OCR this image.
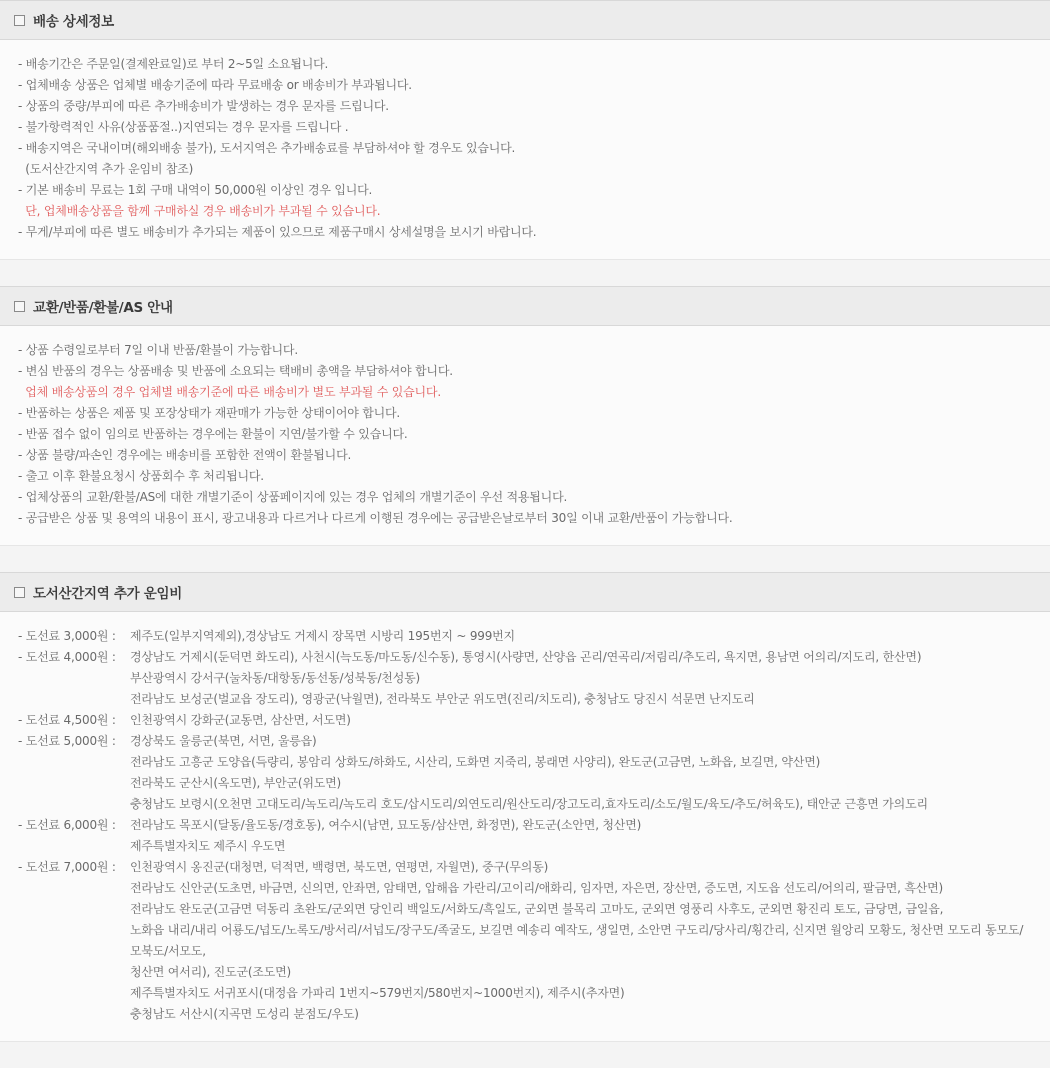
배송 상세정보
- 배송기간은 주문일(결제완료일)로 부터 2~5일 소요됩니다.
- 업체배송 상품은 업체별 배송기준에 따라 무료배송 or 배송비가 부과됩니다.
- 상품의 중량/부피에 따른 추가배송비가 발생하는 경우 문자를 드립니다.
- 불가항력적인 사유(상품품절..)지연되는 경우 문자를 드립니다 .
- 배송지역은 국내이며(해외배송 불가), 도서지역은 추가배송료를 부담하셔야 할 경우도 있습니다.
(도서산간지역 추가 운임비 참조)
- 기본 배송비 무료는 1회 구매 내역이 50,000원 이상인 경우 입니다.
단, 업체배송상품을 함께 구매하실 경우 배송비가 부과될 수 있습니다.
- 무게/부피에 따른 별도 배송비가 추가되는 제품이 있으므로 제품구매시 상세설명을 보시기 바랍니다.
교환/반품/환불/AS 안내
- 상품 수령일로부터 7일 이내 반품/환불이 가능합니다.
- 변심 반품의 경우는 상품배송 및 반품에 소요되는 택배비 총액을 부담하셔야 합니다.
업체 배송상품의 경우 업체별 배송기준에 따른 배송비가 별도 부과될 수 있습니다.
- 반품하는 상품은 제품 및 포장상태가 재판매가 가능한 상태이어야 합니다.
- 반품 접수 없이 임의로 반품하는 경우에는 환불이 지연/불가할 수 있습니다.
- 상품 불량/파손인 경우에는 배송비를 포함한 전액이 환불됩니다.
- 출고 이후 환불요청시 상품회수 후 처리됩니다.
- 업체상품의 교환/환불/AS에 대한 개별기준이 상품페이지에 있는 경우 업체의 개별기준이 우선 적용됩니다.
- 공급받은 상품 및 용역의 내용이 표시, 광고내용과 다르거나 다르게 이행된 경우에는 공급받은날로부터 30일 이내 교환/반품이 가능합니다.
도서산간지역 추가 운임비
- 도선료 3,000원 :	제주도(일부지역제외),경상남도 거제시 장목면 시방리 195번지 ~ 999번지
- 도선료 4,000원 :	경상남도 거제시(둔덕면 화도리), 사천시(늑도동/마도동/신수동), 통영시(사량면, 산양읍 곤리/연곡리/저림리/추도리, 욕지면, 용남면 어의리/지도리, 한산면)
부산광역시 강서구(눌차동/대항동/동선동/성북동/천성동)
전라남도 보성군(벌교읍 장도리), 영광군(낙월면), 전라북도 부안군 위도면(진리/치도리), 충청남도 당진시 석문면 난지도리
- 도선료 4,500원 :	인천광역시 강화군(교동면, 삼산면, 서도면)
- 도선료 5,000원 :	경상북도 울릉군(북면, 서면, 울릉읍)
전라남도 고흥군 도양읍(득량리, 봉암리 상화도/하화도, 시산리, 도화면 지죽리, 봉래면 사양리), 완도군(고금면, 노화읍, 보길면, 약산면)
전라북도 군산시(옥도면), 부안군(위도면)
충청남도 보령시(오천면 고대도리/녹도리/녹도리 호도/삽시도리/외연도리/원산도리/장고도리,효자도리/소도/월도/육도/추도/허육도), 태안군 근흥면 가의도리
- 도선료 6,000원 :	전라남도 목포시(달동/율도동/경호동), 여수시(남면, 묘도동/삼산면, 화정면), 완도군(소안면, 청산면)
제주특별자치도 제주시 우도면
- 도선료 7,000원 :	인천광역시 옹진군(대청면, 덕적면, 백령면, 북도면, 연평면, 자월면), 중구(무의동)
전라남도 신안군(도초면, 바금면, 신의면, 안좌면, 암태면, 압해읍 가란리/고이리/애화리, 임자면, 자은면, 장산면, 증도면, 지도읍 선도리/어의리, 팔금면, 흑산면)
전라남도 완도군(고금면 덕동리 초완도/군외면 당인리 백일도/서화도/흑일도, 군외면 불목리 고마도, 군외면 영풍리 사후도, 군외면 황진리 토도, 금당면, 금일읍,
노화읍 내리/내리 어룡도/넙도/노록도/방서리/서넙도/장구도/족굴도, 보길면 예송리 예작도, 생일면, 소안면 구도리/당사리/횡간리, 신지면 월앙리 모황도, 청산면 모도리 동모도/모북도/서모도,
청산면 여서리), 진도군(조도면)
제주특별자치도 서귀포시(대정읍 가파리 1번지~579번지/580번지~1000번지), 제주시(추자면)
충청남도 서산시(지곡면 도성리 분점도/우도)
